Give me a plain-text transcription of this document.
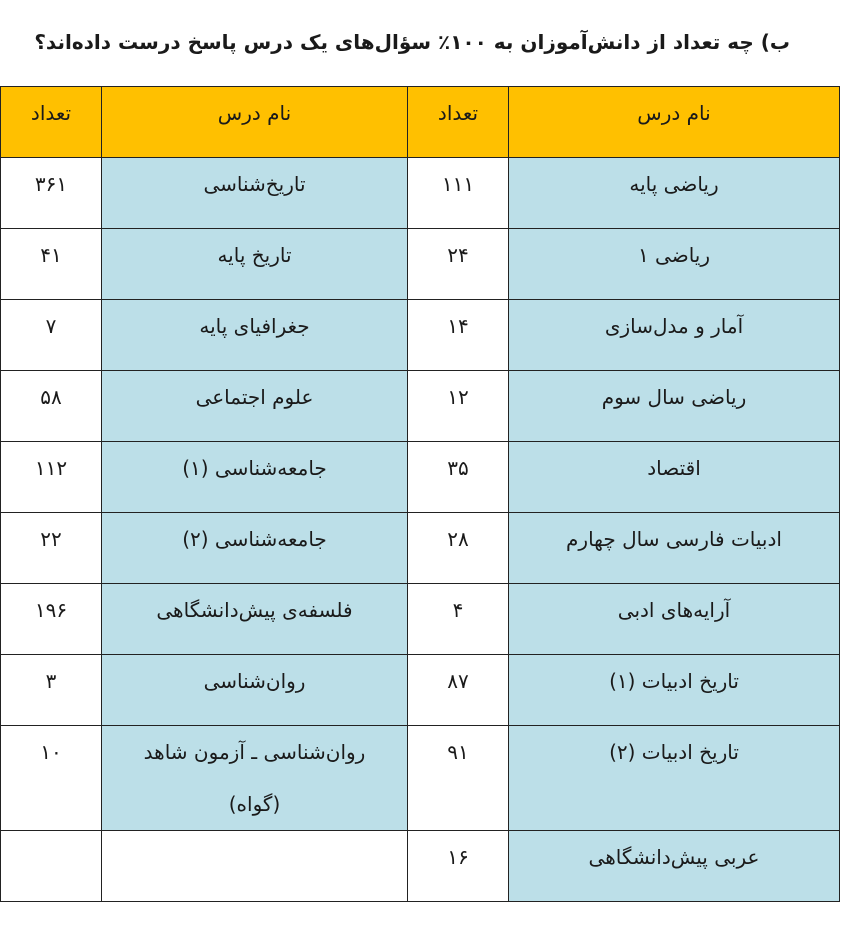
ب) چه تعداد از دانش‌آموزان به ۱۰۰٪ سؤال‌های یک درس پاسخ درست داده‌اند؟
تعداد	نام درس	تعداد	نام درس

۳۶۱	تاریخ‌شناسی	۱۱۱	ریاضی پایه

۴۱	تاریخ پایه	۲۴	ریاضی ۱

۷	جغرافیای پایه	۱۴	آمار و مدل‌سازی

۵۸	علوم اجتماعی	۱۲	ریاضی سال سوم

۱۱۲	جامعه‌شناسی (۱)	۳۵	اقتصاد

۲۲	جامعه‌شناسی (۲)	۲۸	ادبیات فارسی سال چهارم

۱۹۶	فلسفه‌ی پیش‌دانشگاهی	۴	آرایه‌های ادبی

۳	روان‌شناسی	۸۷	تاریخ ادبیات (۱)

۱۰	روان‌شناسی ـ آزمون شاهد (گواه)	۹۱	تاریخ ادبیات (۲)

		۱۶	عربی پیش‌دانشگاهی
